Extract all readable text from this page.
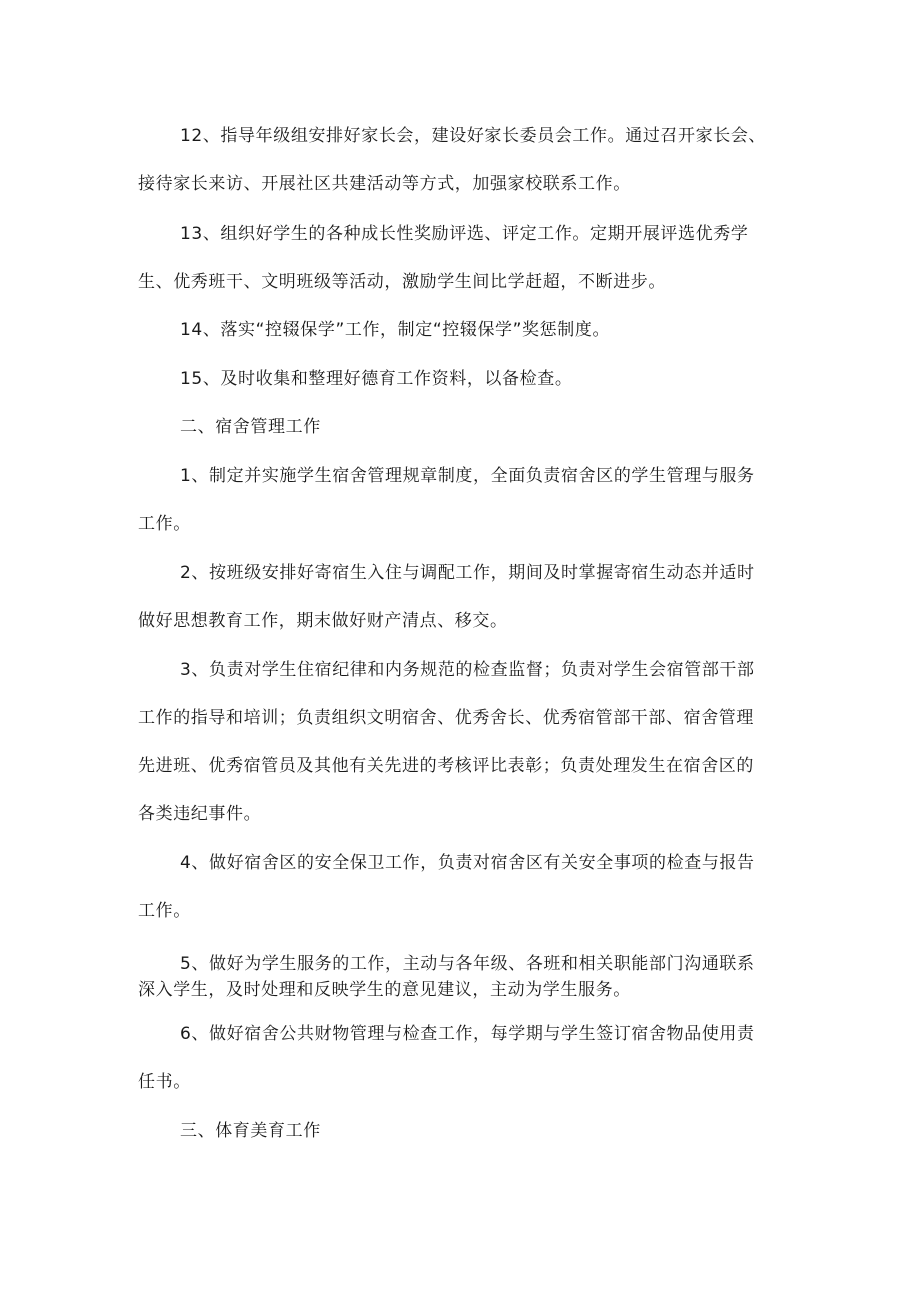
12、指导年级组安排好家长会，建设好家长委员会工作。通过召开家长会、
接待家长来访、开展社区共建活动等方式，加强家校联系工作。
13、组织好学生的各种成长性奖励评选、评定工作。定期开展评选优秀学
生、优秀班干、文明班级等活动，激励学生间比学赶超，不断进步。
14、落实“控辍保学”工作，制定“控辍保学”奖惩制度。
15、及时收集和整理好德育工作资料，以备检查。
二、宿舍管理工作
1、制定并实施学生宿舍管理规章制度，全面负责宿舍区的学生管理与服务
工作。
2、按班级安排好寄宿生入住与调配工作，期间及时掌握寄宿生动态并适时
做好思想教育工作，期末做好财产清点、移交。
3、负责对学生住宿纪律和内务规范的检查监督；负责对学生会宿管部干部
工作的指导和培训；负责组织文明宿舍、优秀舍长、优秀宿管部干部、宿舍管理
先进班、优秀宿管员及其他有关先进的考核评比表彰；负责处理发生在宿舍区的
各类违纪事件。
4、做好宿舍区的安全保卫工作，负责对宿舍区有关安全事项的检查与报告
工作。
5、做好为学生服务的工作，主动与各年级、各班和相关职能部门沟通联系
深入学生，及时处理和反映学生的意见建议，主动为学生服务。
6、做好宿舍公共财物管理与检查工作，每学期与学生签订宿舍物品使用责
任书。
三、体育美育工作
